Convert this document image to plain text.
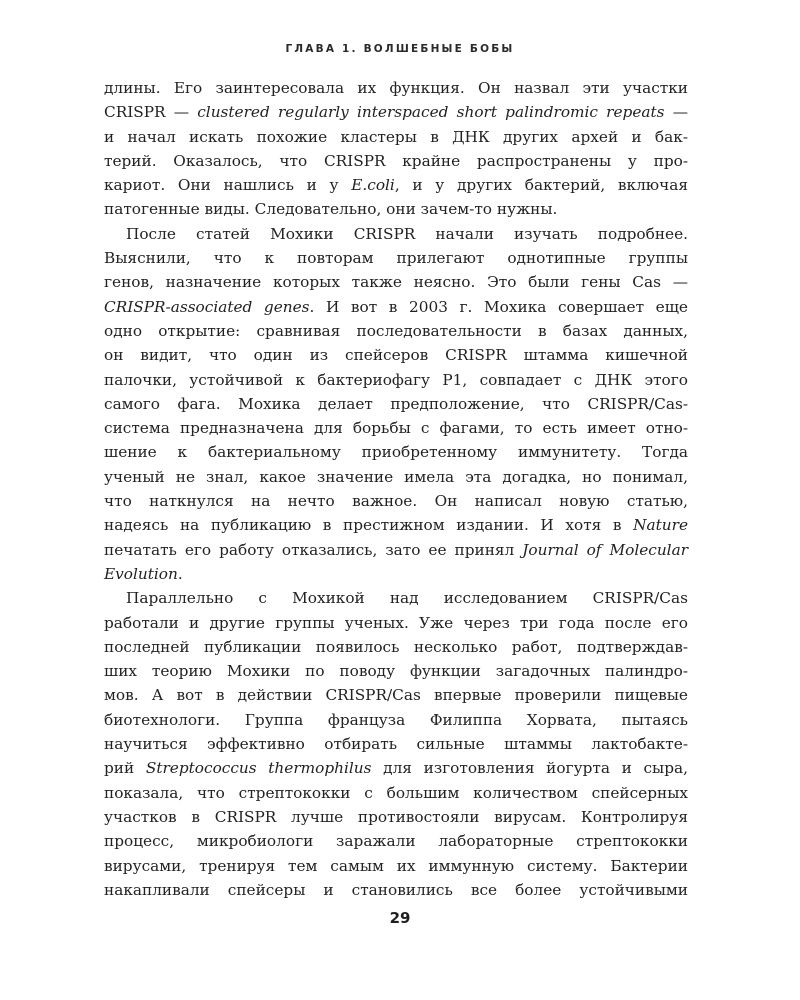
ГЛАВА 1. ВОЛШЕБНЫЕ БОБЫ
длины. Его заинтересовала их функция. Он назвал эти участки
CRISPR — clustered regularly interspaced short palindromic repeats —
и начал искать похожие кластеры в ДНК других архей и бак-
терий. Оказалось, что CRISPR крайне распространены у про-
кариот. Они нашлись и у E.coli, и у других бактерий, включая
патогенные виды. Следовательно, они зачем-то нужны.
После статей Мохики CRISPR начали изучать подробнее.
Выяснили, что к повторам прилегают однотипные группы
генов, назначение которых также неясно. Это были гены Cas —
CRISPR-associated genes. И вот в 2003 г. Мохика совершает еще
одно открытие: сравнивая последовательности в базах данных,
он видит, что один из спейсеров CRISPR штамма кишечной
палочки, устойчивой к бактериофагу P1, совпадает с ДНК этого
самого фага. Мохика делает предположение, что CRISPR/Cas-
система предназначена для борьбы с фагами, то есть имеет отно-
шение к бактериальному приобретенному иммунитету. Тогда
ученый не знал, какое значение имела эта догадка, но понимал,
что наткнулся на нечто важное. Он написал новую статью,
надеясь на публикацию в престижном издании. И хотя в Nature
печатать его работу отказались, зато ее принял Journal of Molecular
Evolution.
Параллельно с Мохикой над исследованием CRISPR/Cas
работали и другие группы ученых. Уже через три года после его
последней публикации появилось несколько работ, подтверждав-
ших теорию Мохики по поводу функции загадочных палиндро-
мов. А вот в действии CRISPR/Cas впервые проверили пищевые
биотехнологи. Группа француза Филиппа Хорвата, пытаясь
научиться эффективно отбирать сильные штаммы лактобакте-
рий Streptococcus thermophilus для изготовления йогурта и сыра,
показала, что стрептококки с большим количеством спейсерных
участков в CRISPR лучше противостояли вирусам. Контролируя
процесс, микробиологи заражали лабораторные стрептококки
вирусами, тренируя тем самым их иммунную систему. Бактерии
накапливали спейсеры и становились все более устойчивыми
29
